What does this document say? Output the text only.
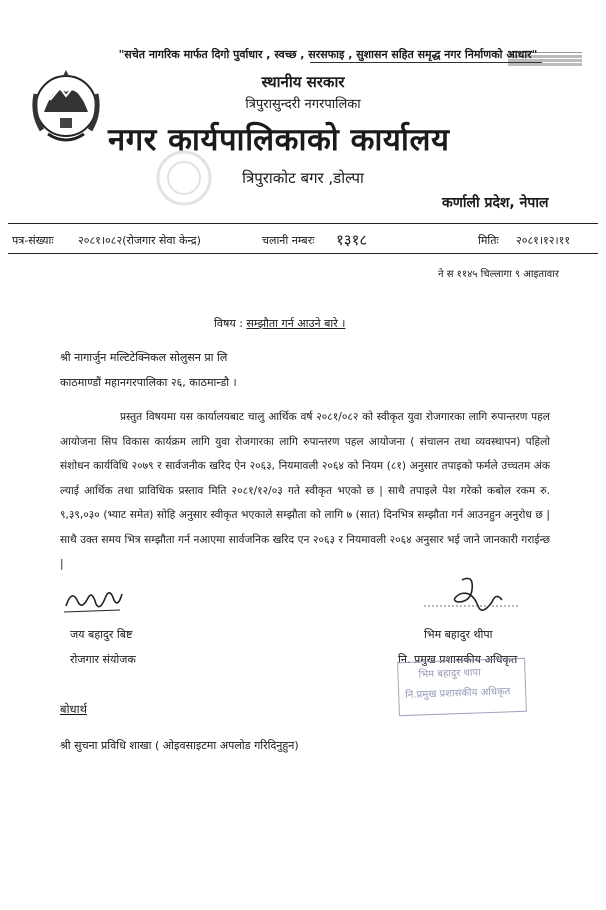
"सचेत नागरिक मार्फत दिगो पुर्वाधार , स्वच्छ , सरसफाइ , सुशासन सहित समृद्ध नगर निर्माणको आधार"
स्थानीय सरकार
त्रिपुरासुन्दरी नगरपालिका
नगर कार्यपालिकाको कार्यालय
त्रिपुराकोट बगर ,डोल्पा
कर्णाली प्रदेश, नेपाल
पत्र-संख्याः २०८१।०८२(रोजगार सेवा केन्द्र)	चलानी नम्बरः १३१८	मितिः २०८१।१२।११
ने स ११४५ चिल्लागा ९ आइतावार
विषय : सम्झौता गर्न आउने बारे ।
श्री नागार्जुन मल्टिटेक्निकल सोलुसन प्रा लि
काठमाण्डौं महानगरपालिका २६, काठमान्डौ ।
प्रस्तुत विषयमा यस कार्यालयबाट चालु आर्थिक वर्ष २०८१/०८२ को स्वीकृत युवा रोजगारका लागि रुपान्तरण पहल आयोजना सिप विकास कार्यक्रम लागि युवा रोजगारका लागि रुपान्तरण पहल आयोजना ( संचालन तथा व्यवस्थापन) पहिलो संशोधन कार्यविधि २०७९ र सार्वजनीक खरिद ऐन २०६३, नियमावली २०६४ को नियम (८१) अनुसार तपाइको फर्मले उच्चतम अंक ल्याई आर्थिक तथा प्राविधिक प्रस्ताव मिति २०८१/१२/०३ गते स्वीकृत भएको छ | साथै तपाइले पेश गरेको कबोल रकम रु. ९,३९,०३० (भ्याट समेत) सोहि अनुसार स्वीकृत भएकाले सम्झौता को लागि ७ (सात) दिनभित्र सम्झौता गर्न आउनहुन अनुरोध छ | साथै उक्त समय भित्र सम्झौता गर्न नआएमा सार्वजनिक खरिद एन २०६३ र नियमावली २०६४ अनुसार भई जाने जानकारी गराईन्छ |
जय बहादुर बिष्ट
रोजगार संयोजक
भिम बहादुर थीपा
नि. प्रमुख प्रशासकीय अधिकृत
भिम बहादुर थापा
नि.प्रमुख प्रशासकीय अधिकृत
बोधार्थ
श्री सुचना प्रविधि शाखा ( ओइवसाइटमा अपलोड गरिदिनुहुन)
